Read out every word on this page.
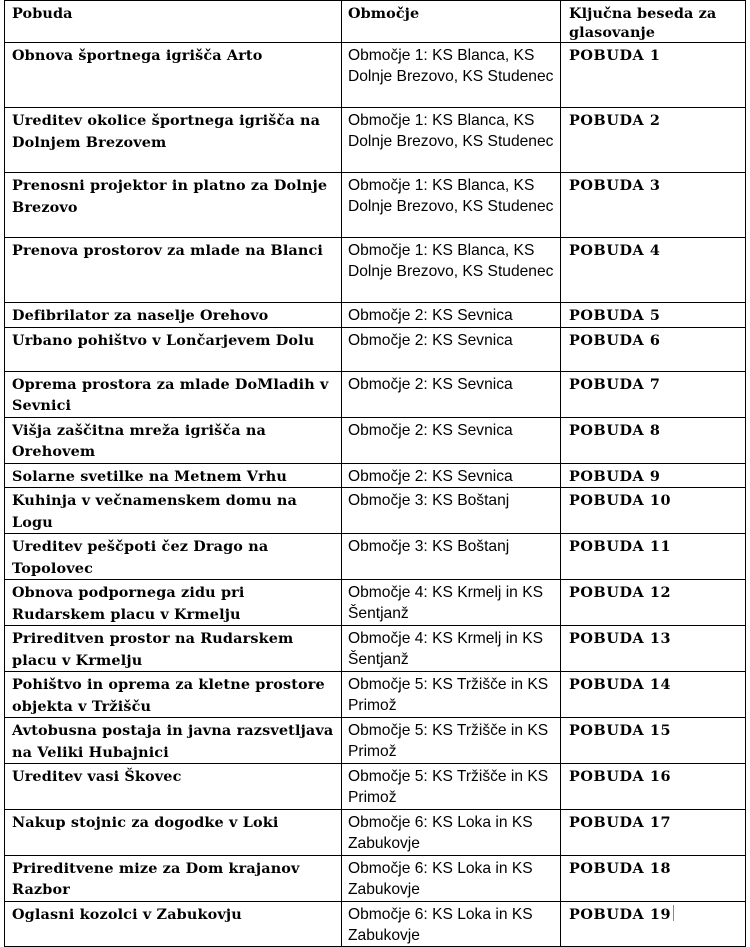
Pobuda	Območje	Ključna beseda za glasovanje
Obnova športnega igrišča Arto	Območje 1: KS Blanca, KS Dolnje Brezovo, KS Studenec	POBUDA 1
Ureditev okolice športnega igrišča na Dolnjem Brezovem	Območje 1: KS Blanca, KS Dolnje Brezovo, KS Studenec	POBUDA 2
Prenosni projektor in platno za Dolnje Brezovo	Območje 1: KS Blanca, KS Dolnje Brezovo, KS Studenec	POBUDA 3
Prenova prostorov za mlade na Blanci	Območje 1: KS Blanca, KS Dolnje Brezovo, KS Studenec	POBUDA 4
Defibrilator za naselje Orehovo	Območje 2: KS Sevnica	POBUDA 5
Urbano pohištvo v Lončarjevem Dolu	Območje 2: KS Sevnica	POBUDA 6
Oprema prostora za mlade DoMladih v Sevnici	Območje 2: KS Sevnica	POBUDA 7
Višja zaščitna mreža igrišča na Orehovem	Območje 2: KS Sevnica	POBUDA 8
Solarne svetilke na Metnem Vrhu	Območje 2: KS Sevnica	POBUDA 9
Kuhinja v večnamenskem domu na Logu	Območje 3: KS Boštanj	POBUDA 10
Ureditev peščpoti čez Drago na Topolovec	Območje 3: KS Boštanj	POBUDA 11
Obnova podpornega zidu pri Rudarskem placu v Krmelju	Območje 4: KS Krmelj in KS Šentjanž	POBUDA 12
Prireditven prostor na Rudarskem placu v Krmelju	Območje 4: KS Krmelj in KS Šentjanž	POBUDA 13
Pohištvo in oprema za kletne prostore objekta v Tržišču	Območje 5: KS Tržišče in KS Primož	POBUDA 14
Avtobusna postaja in javna razsvetljava na Veliki Hubajnici	Območje 5: KS Tržišče in KS Primož	POBUDA 15
Ureditev vasi Škovec	Območje 5: KS Tržišče in KS Primož	POBUDA 16
Nakup stojnic za dogodke v Loki	Območje 6: KS Loka in KS Zabukovje	POBUDA 17
Prireditvene mize za Dom krajanov Razbor	Območje 6: KS Loka in KS Zabukovje	POBUDA 18
Oglasni kozolci v Zabukovju	Območje 6: KS Loka in KS Zabukovje	POBUDA 19
